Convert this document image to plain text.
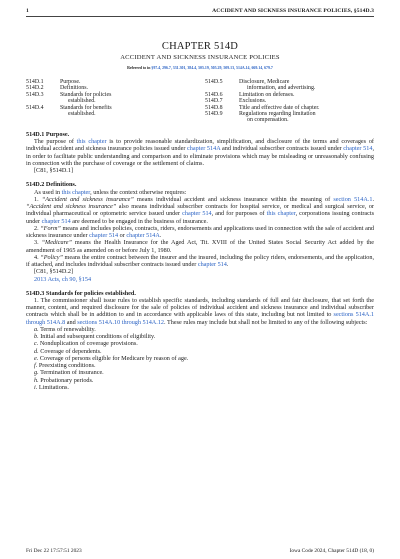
1	ACCIDENT AND SICKNESS INSURANCE POLICIES, §514D.3
CHAPTER 514D
ACCIDENT AND SICKNESS INSURANCE POLICIES
Referred to in §97.4, 296.7, 331.301, 384.4, 505.19, 505.29, 509.13, 514A.14, 669.14, 679.7
514D.1	Purpose.
514D.2	Definitions.
514D.3	Standards for policies
established.
514D.4	Standards for benefits
established.
514D.5	Disclosure, Medicare
information, and advertising.
514D.6	Limitation on defenses.
514D.7	Exclusions.
514D.8	Title and effective date of chapter.
514D.9	Regulations regarding limitation
on compensation.
514D.1 Purpose.
The purpose of this chapter is to provide reasonable standardization, simplification, and disclosure of the terms and coverages of individual accident and sickness insurance policies issued under chapter 514A and individual subscriber contracts issued under chapter 514, in order to facilitate public understanding and comparison and to eliminate provisions which may be misleading or unreasonably confusing in connection with the purchase of coverage or the settlement of claims.
[C81, §514D.1]
514D.2 Definitions.
As used in this chapter, unless the context otherwise requires:
1. “Accident and sickness insurance” means individual accident and sickness insurance within the meaning of section 514A.1. “Accident and sickness insurance” also means individual subscriber contracts for hospital service, or medical and surgical service, or individual pharmaceutical or optometric service issued under chapter 514, and for purposes of this chapter, corporations issuing contracts under chapter 514 are deemed to be engaged in the business of insurance.
2. “Form” means and includes policies, contracts, riders, endorsements and applications used in connection with the sale of accident and sickness insurance under chapter 514 or chapter 514A.
3. “Medicare” means the Health Insurance for the Aged Act, Tit. XVIII of the United States Social Security Act added by the amendment of 1965 as amended on or before July 1, 1980.
4. “Policy” means the entire contract between the insurer and the insured, including the policy riders, endorsements, and the application, if attached, and includes individual subscriber contracts issued under chapter 514.
[C81, §514D.2]
2013 Acts, ch 90, §154
514D.3 Standards for policies established.
1. The commissioner shall issue rules to establish specific standards, including standards of full and fair disclosure, that set forth the manner, content, and required disclosure for the sale of policies of individual accident and sickness insurance and individual subscriber contracts which shall be in addition to and in accordance with applicable laws of this state, including but not limited to sections 514A.1 through 514A.8 and sections 514A.10 through 514A.12. These rules may include but shall not be limited to any of the following subjects:
a. Terms of renewability.
b. Initial and subsequent conditions of eligibility.
c. Nonduplication of coverage provisions.
d. Coverage of dependents.
e. Coverage of persons eligible for Medicare by reason of age.
f. Preexisting conditions.
g. Termination of insurance.
h. Probationary periods.
i. Limitations.
Fri Dec 22 17:57:51 2023	Iowa Code 2024, Chapter 514D (18, 0)
